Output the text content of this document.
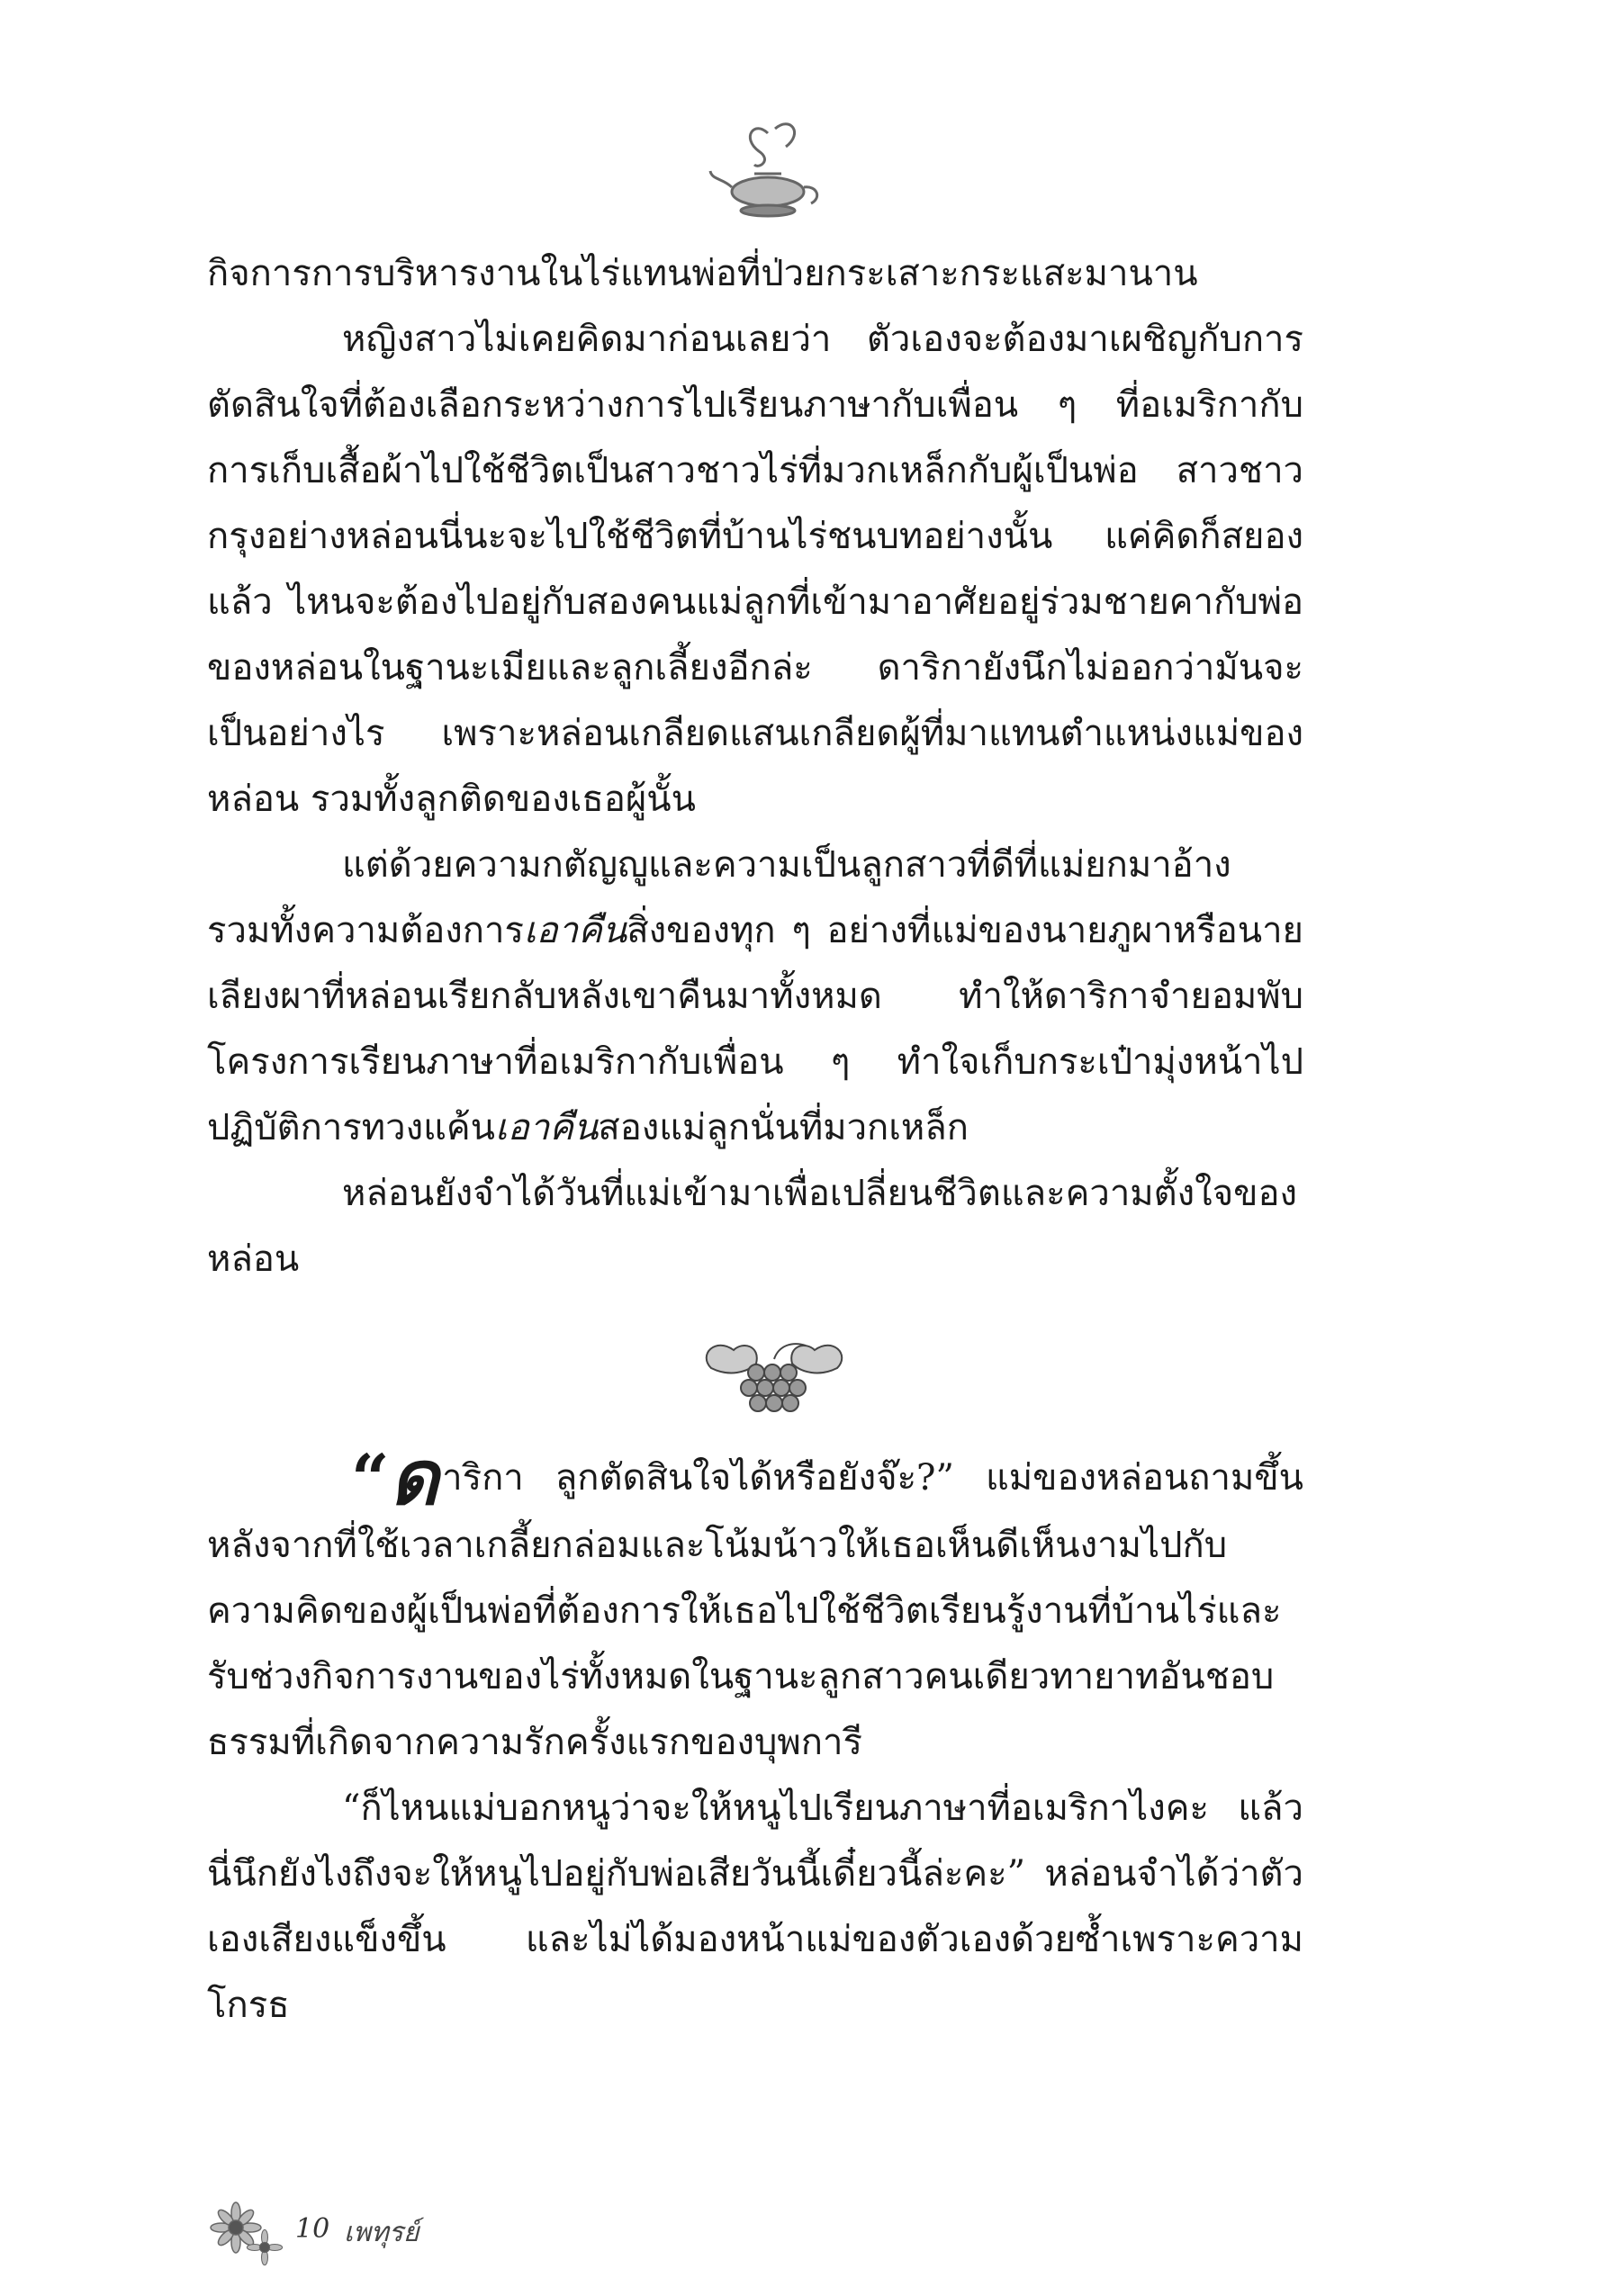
กิจการการบริหารงานในไร่แทนพ่อที่ป่วยกระเสาะกระแสะมานาน

หญิงสาวไม่เคยคิดมาก่อนเลยว่า ตัวเองจะต้องมาเผชิญกับการตัดสินใจที่ต้องเลือกระหว่างการไปเรียนภาษากับเพื่อน ๆ ที่อเมริกากับการเก็บเสื้อผ้าไปใช้ชีวิตเป็นสาวชาวไร่ที่มวกเหล็กกับผู้เป็นพ่อ สาวชาวกรุงอย่างหล่อนนี่นะจะไปใช้ชีวิตที่บ้านไร่ชนบทอย่างนั้น แค่คิดก็สยองแล้ว ไหนจะต้องไปอยู่กับสองคนแม่ลูกที่เข้ามาอาศัยอยู่ร่วมชายคากับพ่อของหล่อนในฐานะเมียและลูกเลี้ยงอีกล่ะ ดาริกายังนึกไม่ออกว่ามันจะเป็นอย่างไร เพราะหล่อนเกลียดแสนเกลียดผู้ที่มาแทนตำแหน่งแม่ของหล่อน รวมทั้งลูกติดของเธอผู้นั้น

แต่ด้วยความกตัญญูและความเป็นลูกสาวที่ดีที่แม่ยกมาอ้าง รวมทั้งความต้องการเอาคืนสิ่งของทุก ๆ อย่างที่แม่ของนายภูผาหรือนายเลียงผาที่หล่อนเรียกลับหลังเขาคืนมาทั้งหมด ทำให้ดาริกาจำยอมพับโครงการเรียนภาษาที่อเมริกากับเพื่อน ๆ ทำใจเก็บกระเป๋ามุ่งหน้าไปปฏิบัติการทวงแค้นเอาคืนสองแม่ลูกนั่นที่มวกเหล็ก

หล่อนยังจำได้วันที่แม่เข้ามาเพื่อเปลี่ยนชีวิตและความตั้งใจของหล่อน

“ด าริกา ลูกตัดสินใจได้หรือยังจ๊ะ?” แม่ของหล่อนถามขึ้นหลังจากที่ใช้เวลาเกลี้ยกล่อมและโน้มน้าวให้เธอเห็นดีเห็นงามไปกับความคิดของผู้เป็นพ่อที่ต้องการให้เธอไปใช้ชีวิตเรียนรู้งานที่บ้านไร่และรับช่วงกิจการงานของไร่ทั้งหมดในฐานะลูกสาวคนเดียวทายาทอันชอบธรรมที่เกิดจากความรักครั้งแรกของบุพการี

“ก็ไหนแม่บอกหนูว่าจะให้หนูไปเรียนภาษาที่อเมริกาไงคะ แล้วนี่นึกยังไงถึงจะให้หนูไปอยู่กับพ่อเสียวันนี้เดี๋ยวนี้ล่ะคะ” หล่อนจำได้ว่าตัวเองเสียงแข็งขึ้น และไม่ได้มองหน้าแม่ของตัวเองด้วยซ้ำเพราะความโกรธ

10 เพทุรย์
